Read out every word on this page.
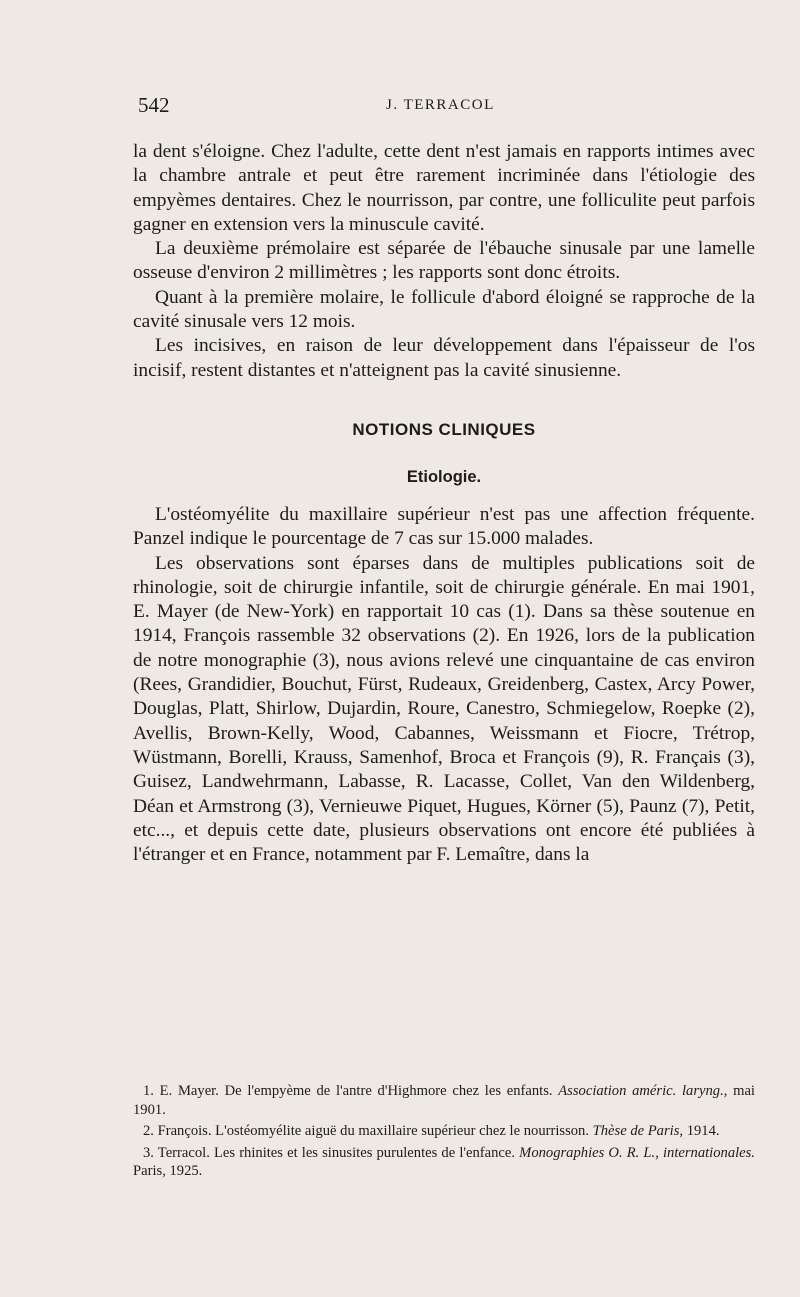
542	J. TERRACOL

la dent s'éloigne. Chez l'adulte, cette dent n'est jamais en rapports intimes avec la chambre antrale et peut être rarement incriminée dans l'étiologie des empyèmes dentaires. Chez le nourrisson, par contre, une folliculite peut parfois gagner en extension vers la minuscule cavité.

La deuxième prémolaire est séparée de l'ébauche sinusale par une lamelle osseuse d'environ 2 millimètres ; les rapports sont donc étroits.

Quant à la première molaire, le follicule d'abord éloigné se rapproche de la cavité sinusale vers 12 mois.

Les incisives, en raison de leur développement dans l'épaisseur de l'os incisif, restent distantes et n'atteignent pas la cavité sinusienne.

NOTIONS CLINIQUES
Etiologie.

L'ostéomyélite du maxillaire supérieur n'est pas une affection fréquente. Panzel indique le pourcentage de 7 cas sur 15.000 malades.

Les observations sont éparses dans de multiples publications soit de rhinologie, soit de chirurgie infantile, soit de chirurgie générale. En mai 1901, E. Mayer (de New-York) en rapportait 10 cas (1). Dans sa thèse soutenue en 1914, François rassemble 32 observations (2). En 1926, lors de la publication de notre monographie (3), nous avions relevé une cinquantaine de cas environ (Rees, Grandidier, Bouchut, Fürst, Rudeaux, Greidenberg, Castex, Arcy Power, Douglas, Platt, Shirlow, Dujardin, Roure, Canestro, Schmiegelow, Roepke (2), Avellis, Brown-Kelly, Wood, Cabannes, Weissmann et Fiocre, Trétrop, Wüstmann, Borelli, Krauss, Samenhof, Broca et François (9), R. Français (3), Guisez, Landwehrmann, Labasse, R. Lacasse, Collet, Van den Wildenberg, Déan et Armstrong (3), Vernieuwe Piquet, Hugues, Körner (5), Paunz (7), Petit, etc..., et depuis cette date, plusieurs observations ont encore été publiées à l'étranger et en France, notamment par F. Lemaître, dans la

1. E. Mayer. De l'empyème de l'antre d'Highmore chez les enfants. Association améric. laryng., mai 1901.

2. François. L'ostéomyélite aiguë du maxillaire supérieur chez le nourrisson. Thèse de Paris, 1914.

3. Terracol. Les rhinites et les sinusites purulentes de l'enfance. Monographies O. R. L., internationales. Paris, 1925.
